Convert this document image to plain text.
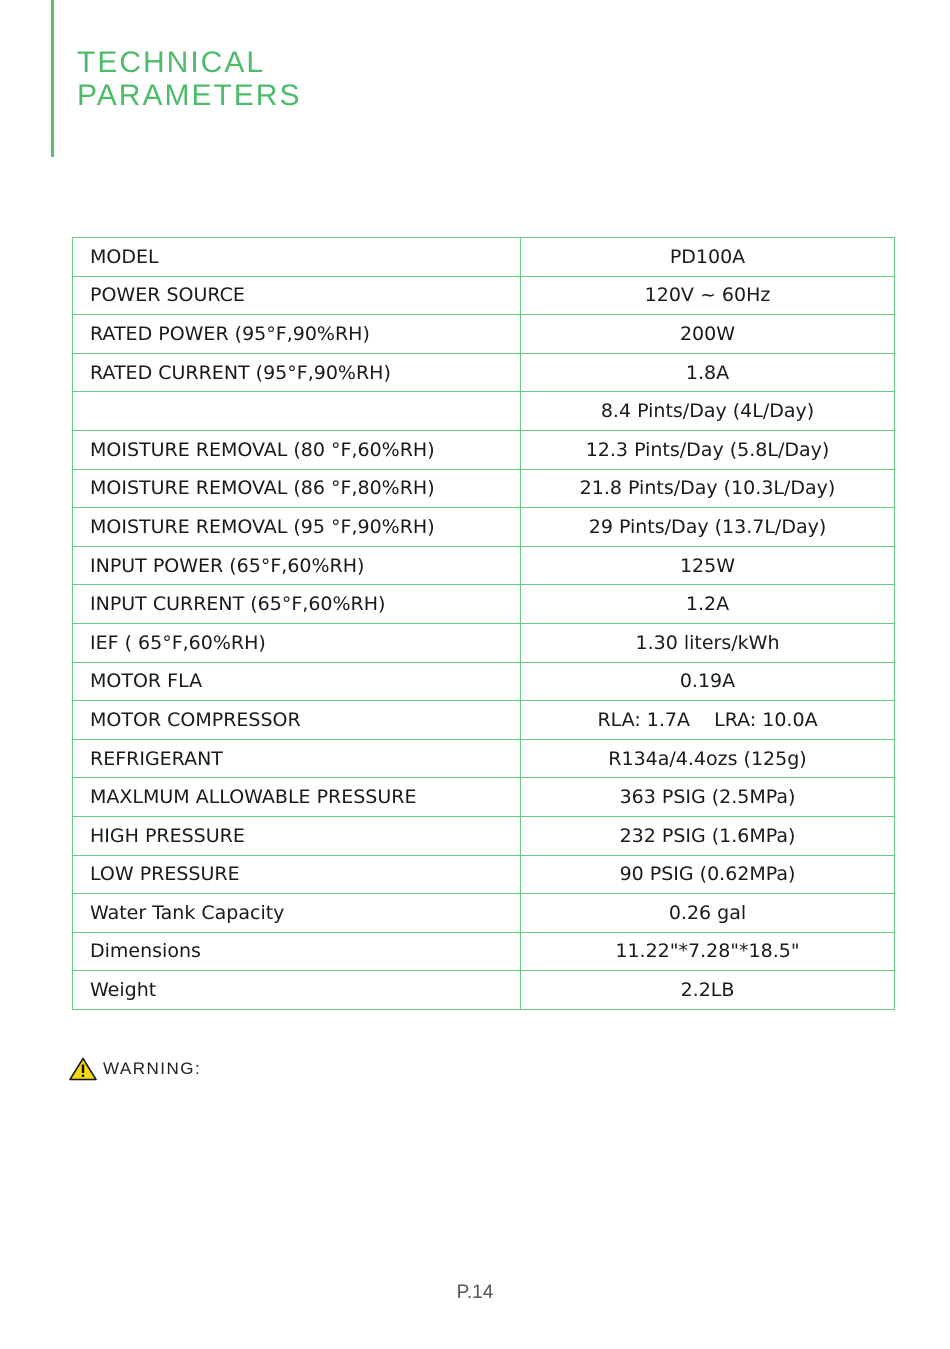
TECHNICAL
PARAMETERS
MODEL	PD100A
POWER SOURCE	120V ~ 60Hz
RATED POWER (95°F,90%RH)	200W
RATED CURRENT (95°F,90%RH)	1.8A
	8.4 Pints/Day (4L/Day)
MOISTURE REMOVAL (80 °F,60%RH)	12.3 Pints/Day (5.8L/Day)
MOISTURE REMOVAL (86 °F,80%RH)	21.8 Pints/Day (10.3L/Day)
MOISTURE REMOVAL (95 °F,90%RH)	29 Pints/Day (13.7L/Day)
INPUT POWER (65°F,60%RH)	125W
INPUT CURRENT (65°F,60%RH)	1.2A
IEF ( 65°F,60%RH)	1.30 liters/kWh
MOTOR FLA	0.19A
MOTOR COMPRESSOR	RLA: 1.7A    LRA: 10.0A
REFRIGERANT	R134a/4.4ozs (125g)
MAXLMUM ALLOWABLE PRESSURE	363 PSIG (2.5MPa)
HIGH PRESSURE	232 PSIG (1.6MPa)
LOW PRESSURE	90 PSIG (0.62MPa)
Water Tank Capacity	0.26 gal
Dimensions	11.22"*7.28"*18.5"
Weight	2.2LB
WARNING:
P.14
